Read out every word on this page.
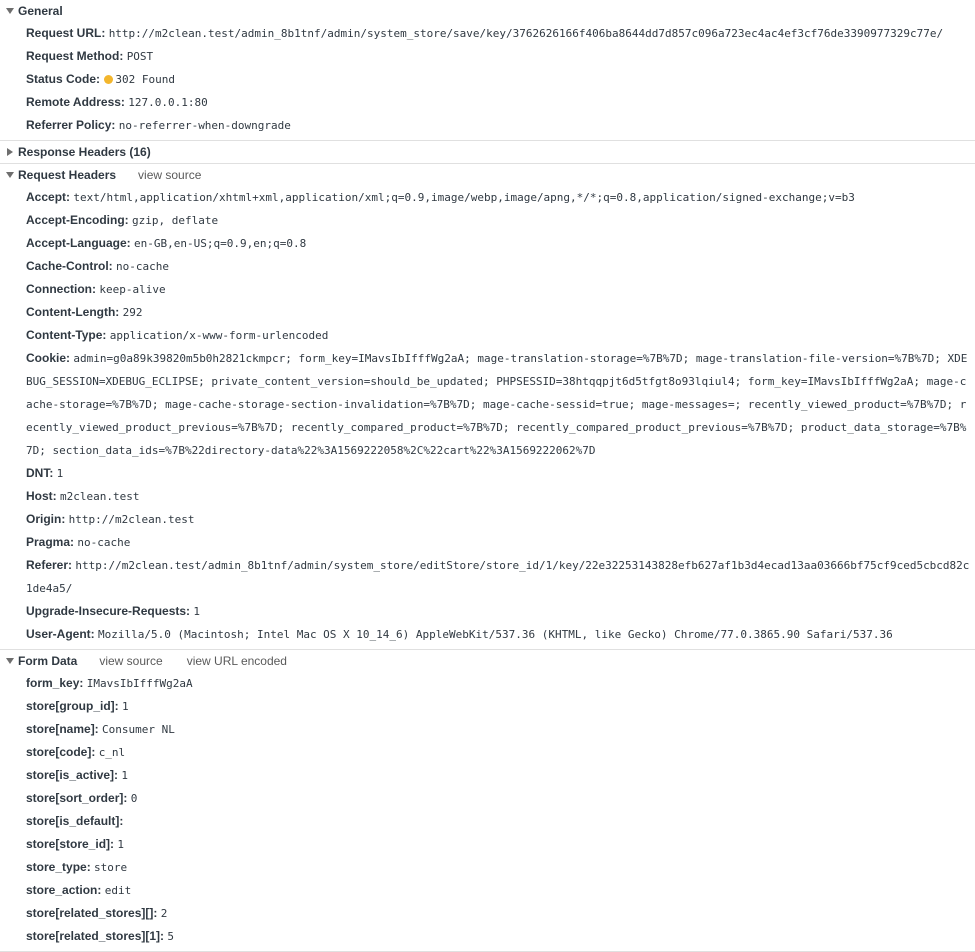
General
Request URL: http://m2clean.test/admin_8b1tnf/admin/system_store/save/key/3762626166f406ba8644dd7d857c096a723ec4ac4ef3cf76de3390977329c77e/
Request Method: POST
Status Code: 302 Found
Remote Address: 127.0.0.1:80
Referrer Policy: no-referrer-when-downgrade
Response Headers (16)
Request Headers view source
Accept: text/html,application/xhtml+xml,application/xml;q=0.9,image/webp,image/apng,*/*;q=0.8,application/signed-exchange;v=b3
Accept-Encoding: gzip, deflate
Accept-Language: en-GB,en-US;q=0.9,en;q=0.8
Cache-Control: no-cache
Connection: keep-alive
Content-Length: 292
Content-Type: application/x-www-form-urlencoded
Cookie: admin=g0a89k39820m5b0h2821ckmpcr; form_key=IMavsIbIfffWg2aA; mage-translation-storage=%7B%7D; mage-translation-file-version=%7B%7D; XDEBUG_SESSION=XDEBUG_ECLIPSE; private_content_version=should_be_updated; PHPSESSID=38htqqpjt6d5tfgt8o93lqiul4; form_key=IMavsIbIfffWg2aA; mage-cache-storage=%7B%7D; mage-cache-storage-section-invalidation=%7B%7D; mage-cache-sessid=true; mage-messages=; recently_viewed_product=%7B%7D; recently_viewed_product_previous=%7B%7D; recently_compared_product=%7B%7D; recently_compared_product_previous=%7B%7D; product_data_storage=%7B%7D; section_data_ids=%7B%22directory-data%22%3A1569222058%2C%22cart%22%3A1569222062%7D
DNT: 1
Host: m2clean.test
Origin: http://m2clean.test
Pragma: no-cache
Referer: http://m2clean.test/admin_8b1tnf/admin/system_store/editStore/store_id/1/key/22e32253143828efb627af1b3d4ecad13aa03666bf75cf9ced5cbcd82c1de4a5/
Upgrade-Insecure-Requests: 1
User-Agent: Mozilla/5.0 (Macintosh; Intel Mac OS X 10_14_6) AppleWebKit/537.36 (KHTML, like Gecko) Chrome/77.0.3865.90 Safari/537.36
Form Data view source view URL encoded
form_key: IMavsIbIfffWg2aA
store[group_id]: 1
store[name]: Consumer NL
store[code]: c_nl
store[is_active]: 1
store[sort_order]: 0
store[is_default]:
store[store_id]: 1
store_type: store
store_action: edit
store[related_stores][]: 2
store[related_stores][1]: 5
